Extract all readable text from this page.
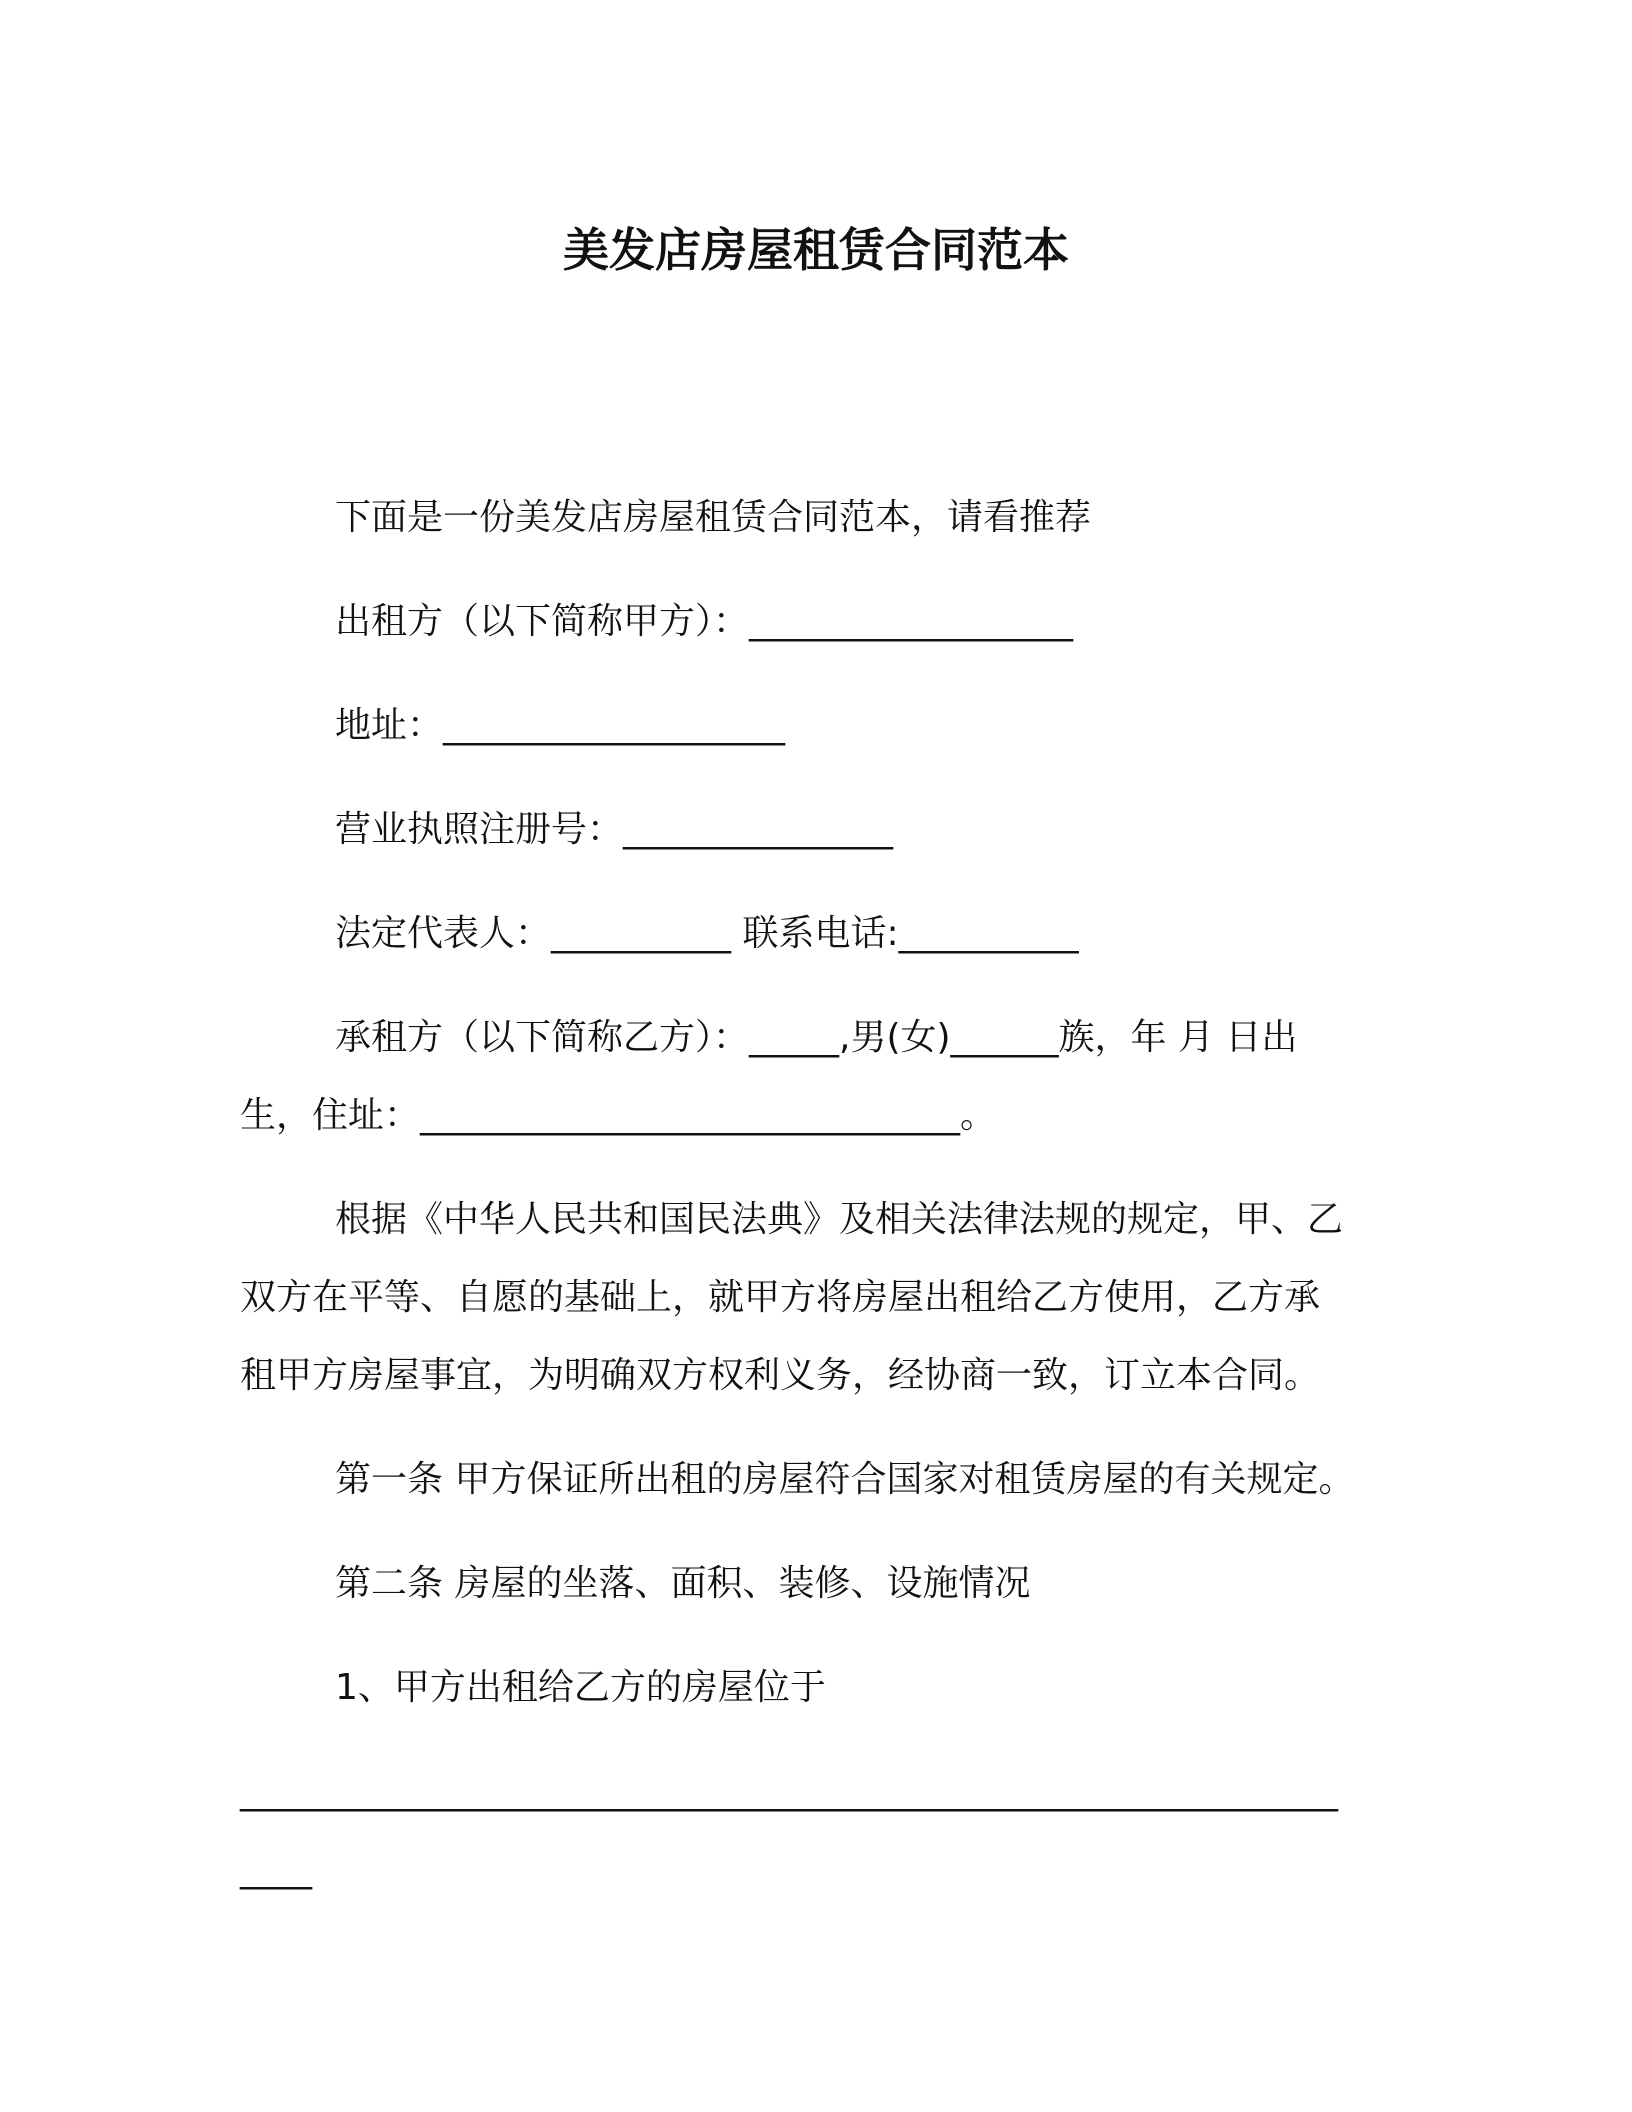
美发店房屋租赁合同范本
下面是一份美发店房屋租赁合同范本，请看推荐
出租方（以下简称甲方）：__________________
地址：___________________
营业执照注册号：_______________
法定代表人：__________ 联系电话:__________
承租方（以下简称乙方）：_____,男(女)______族，年 月 日出
生，住址：______________________________。
根据《中华人民共和国民法典》及相关法律法规的规定，甲、乙
双方在平等、自愿的基础上，就甲方将房屋出租给乙方使用，乙方承
租甲方房屋事宜，为明确双方权利义务，经协商一致，订立本合同。
第一条 甲方保证所出租的房屋符合国家对租赁房屋的有关规定。
第二条 房屋的坐落、面积、装修、设施情况
1、甲方出租给乙方的房屋位于
_____________________________________________________________
____
